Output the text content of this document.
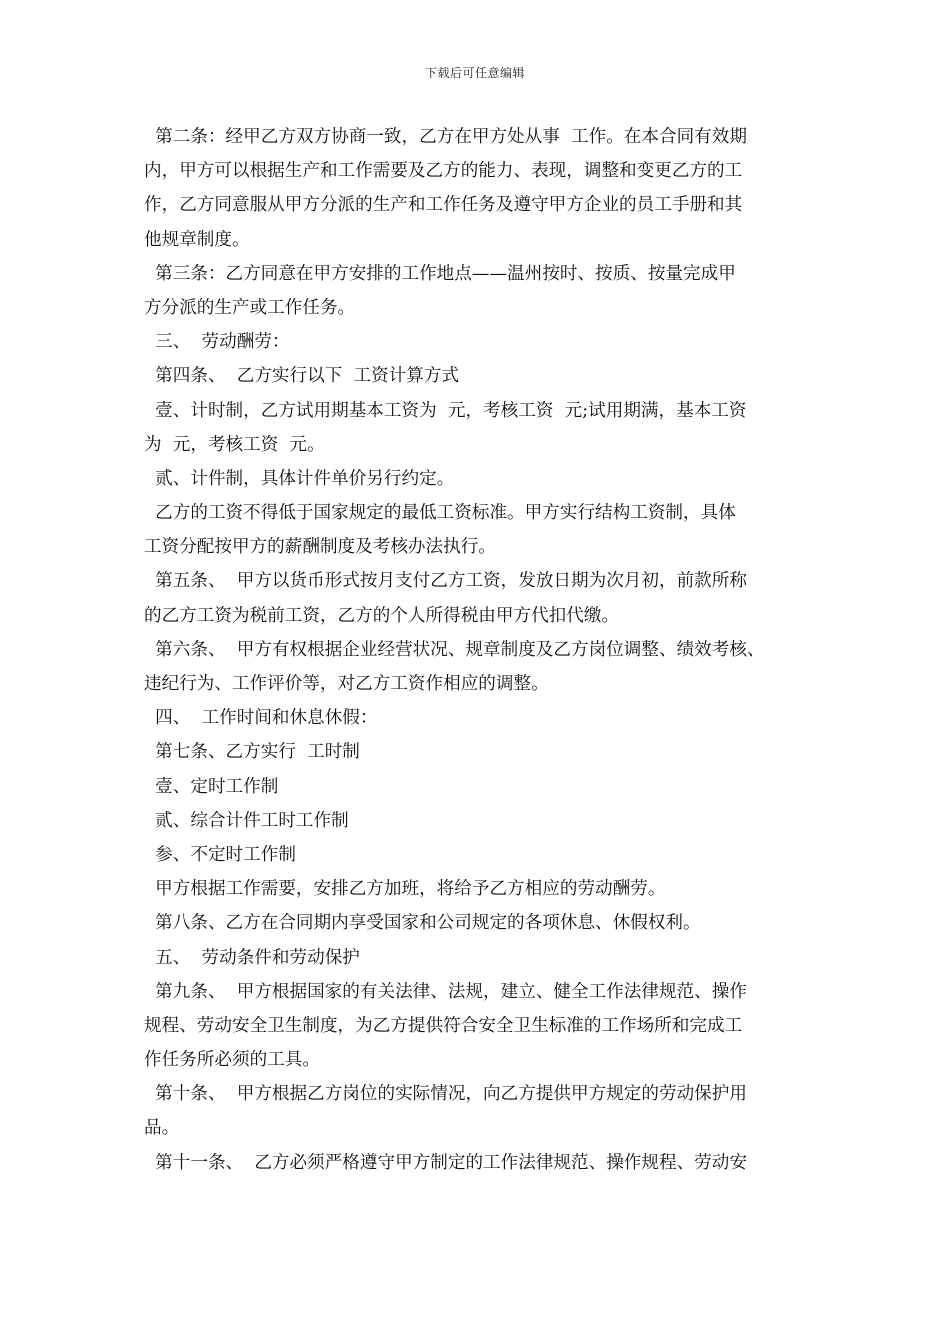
下载后可任意编辑
第二条：经甲乙方双方协商一致，乙方在甲方处从事  工作。在本合同有效期
内，甲方可以根据生产和工作需要及乙方的能力、表现，调整和变更乙方的工
作，乙方同意服从甲方分派的生产和工作任务及遵守甲方企业的员工手册和其
他规章制度。
第三条：乙方同意在甲方安排的工作地点——温州按时、按质、按量完成甲
方分派的生产或工作任务。
三、  劳动酬劳：
第四条、  乙方实行以下  工资计算方式
壹、计时制，乙方试用期基本工资为  元，考核工资  元;试用期满，基本工资
为  元，考核工资  元。
贰、计件制，具体计件单价另行约定。
乙方的工资不得低于国家规定的最低工资标准。甲方实行结构工资制，具体
工资分配按甲方的薪酬制度及考核办法执行。
第五条、  甲方以货币形式按月支付乙方工资，发放日期为次月初，前款所称
的乙方工资为税前工资，乙方的个人所得税由甲方代扣代缴。
第六条、  甲方有权根据企业经营状况、规章制度及乙方岗位调整、绩效考核、
违纪行为、工作评价等，对乙方工资作相应的调整。
四、  工作时间和休息休假：
第七条、乙方实行  工时制
壹、定时工作制
贰、综合计件工时工作制
参、不定时工作制
甲方根据工作需要，安排乙方加班，将给予乙方相应的劳动酬劳。
第八条、乙方在合同期内享受国家和公司规定的各项休息、休假权利。
五、  劳动条件和劳动保护
第九条、  甲方根据国家的有关法律、法规，建立、健全工作法律规范、操作
规程、劳动安全卫生制度，为乙方提供符合安全卫生标准的工作场所和完成工
作任务所必须的工具。
第十条、  甲方根据乙方岗位的实际情况，向乙方提供甲方规定的劳动保护用
品。
第十一条、  乙方必须严格遵守甲方制定的工作法律规范、操作规程、劳动安
